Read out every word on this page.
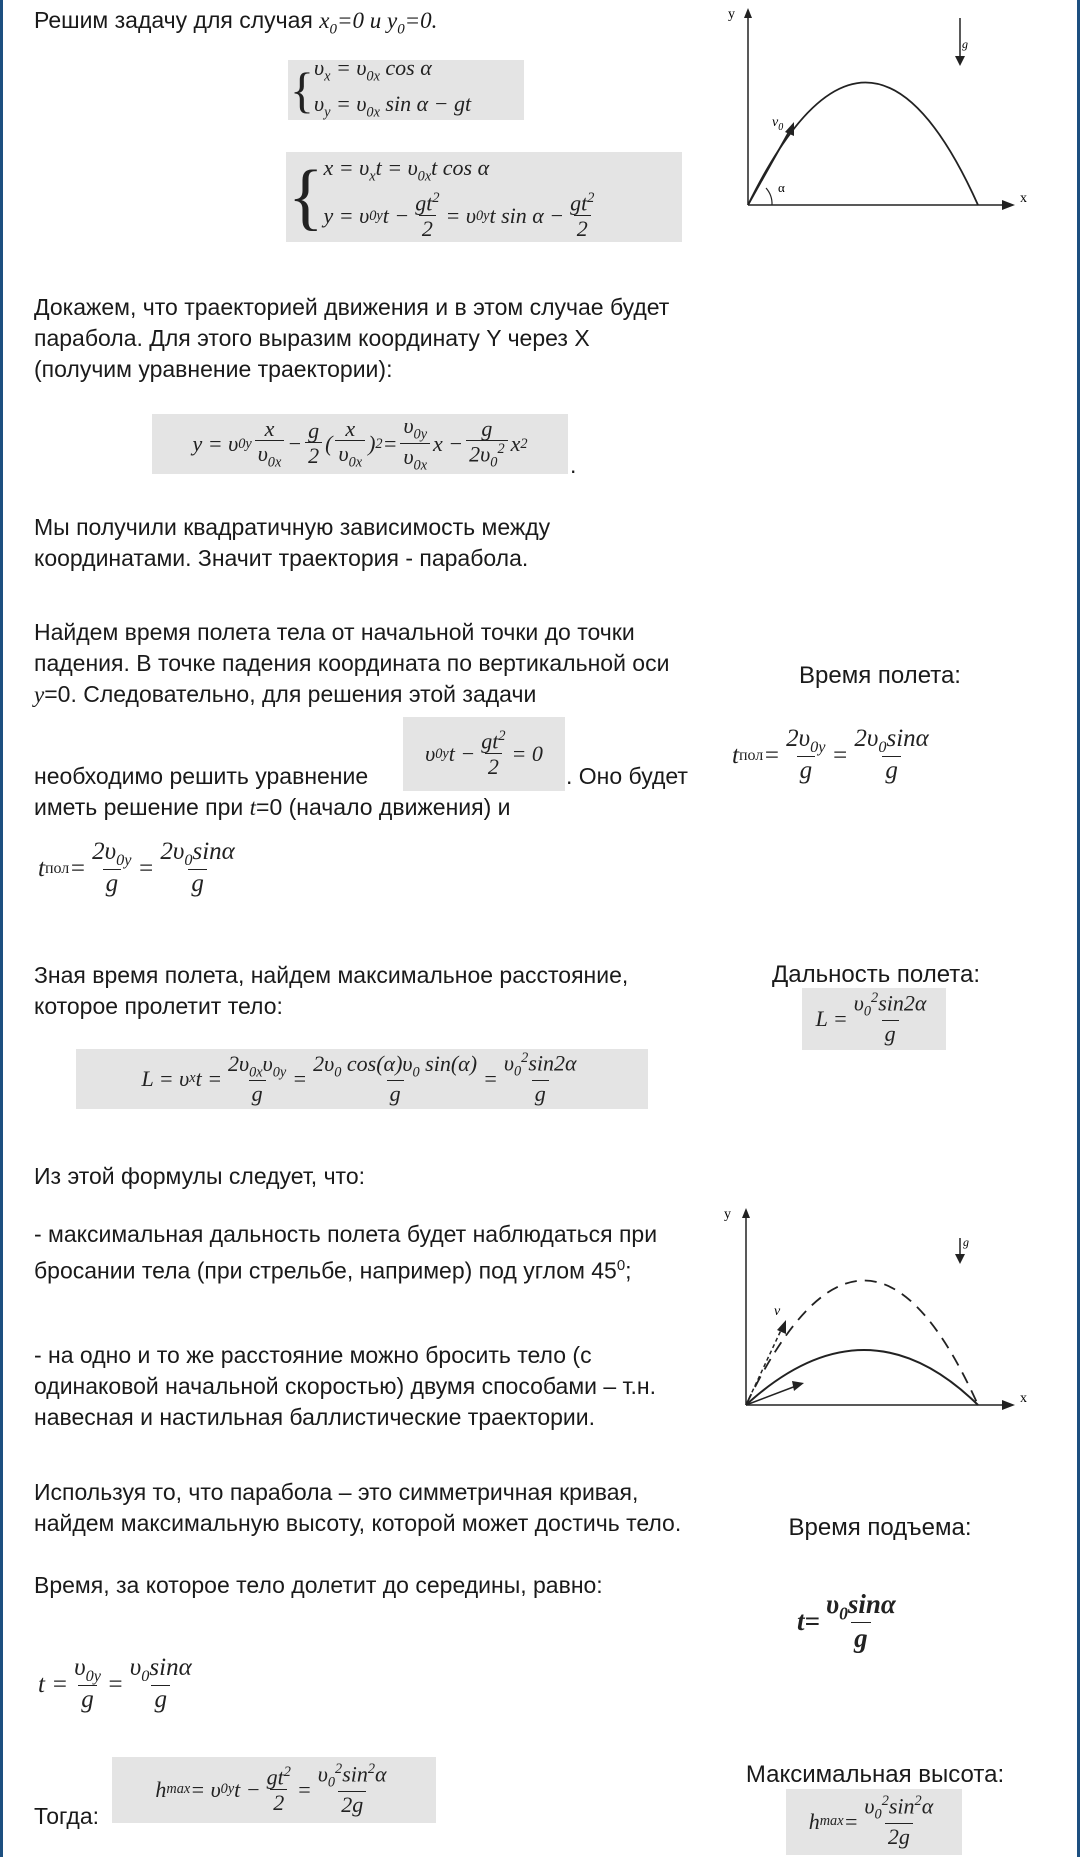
Решим задачу для случая $x_0=0$ и $y_0=0$.

{ $\upsilon_x = \upsilon_{0x}$ cos α
$\upsilon_y = \upsilon_{0x}$ sin α − gt
{ $x = \upsilon_xt = \upsilon_{0x}t$ cos α
y = υ 0y $t - \frac{gt^2}{2} = \upsilon$ 0y t $\sin \alpha - \frac{gt^2}{2}$
y
x
$v_0$
α
g

Докажем, что траекторией движения и в этом случае будет парабола. Для этого выразим координату Y через X (получим уравнение траектории):

y = υ $0y \frac{x}{\upsilon_{0x}} - \frac{g}{2}$ ( $\frac{x}{\upsilon_{0x}}$ ) $2 = \frac{\upsilon_{0y}}{\upsilon_{0x}}$ $x - \frac{g}{2\upsilon_0^2}$ x 2
.

Мы получили квадратичную зависимость между координатами. Значит траектория - парабола.

Найдем время полета тела от начальной точки до точки падения. В точке падения координата по вертикальной оси y=0. Следовательно, для решения этой задачи

необходимо решить уравнение

υ 0y $t - \frac{gt^2}{2} = 0$

. Оно будет

иметь решение при t=0 (начало движения) и

t пол = $\frac{2\upsilon_{0y}}{g} = \frac{2\upsilon_0\sin\alpha}{g}$
Время полета:
t пол = $\frac{2\upsilon_{0y}}{g} = \frac{2\upsilon_0\sin\alpha}{g}$

Зная время полета, найдем максимальное расстояние, которое пролетит тело:

L = υ x $t = \frac{2\upsilon_{0x}\upsilon_{0y}}{g} = \frac{2\upsilon_0 \cos(\alpha)\upsilon_0 \sin(\alpha)}{g} = \frac{\upsilon_0^2\sin 2\alpha}{g}$
Дальность полета:
$L = \frac{\upsilon_0^2\sin 2\alpha}{g}$

Из этой формулы следует, что:

- максимальная дальность полета будет наблюдаться при бросании тела (при стрельбе, например) под углом $45^0$;

- на одно и то же расстояние можно бросить тело (с одинаковой начальной скоростью) двумя способами – т.н. навесная и настильная баллистические траектории.

y
x
v
g

Используя то, что парабола – это симметричная кривая, найдем максимальную высоту, которой может достичь тело.

Время, за которое тело долетит до середины, равно:

$t = \frac{\upsilon_{0y}}{g} = \frac{\upsilon_0\sin\alpha}{g}$
Время подъема:
$t= \frac{\upsilon_0\sin\alpha}{g}$

Тогда:

h max = υ 0y $t - \frac{gt^2}{2} = \frac{\upsilon_0^2\sin^2\alpha}{2g}$	Максимальная высота:
h $\max = \frac{\upsilon_0^2\sin^2\alpha}{2g}$
